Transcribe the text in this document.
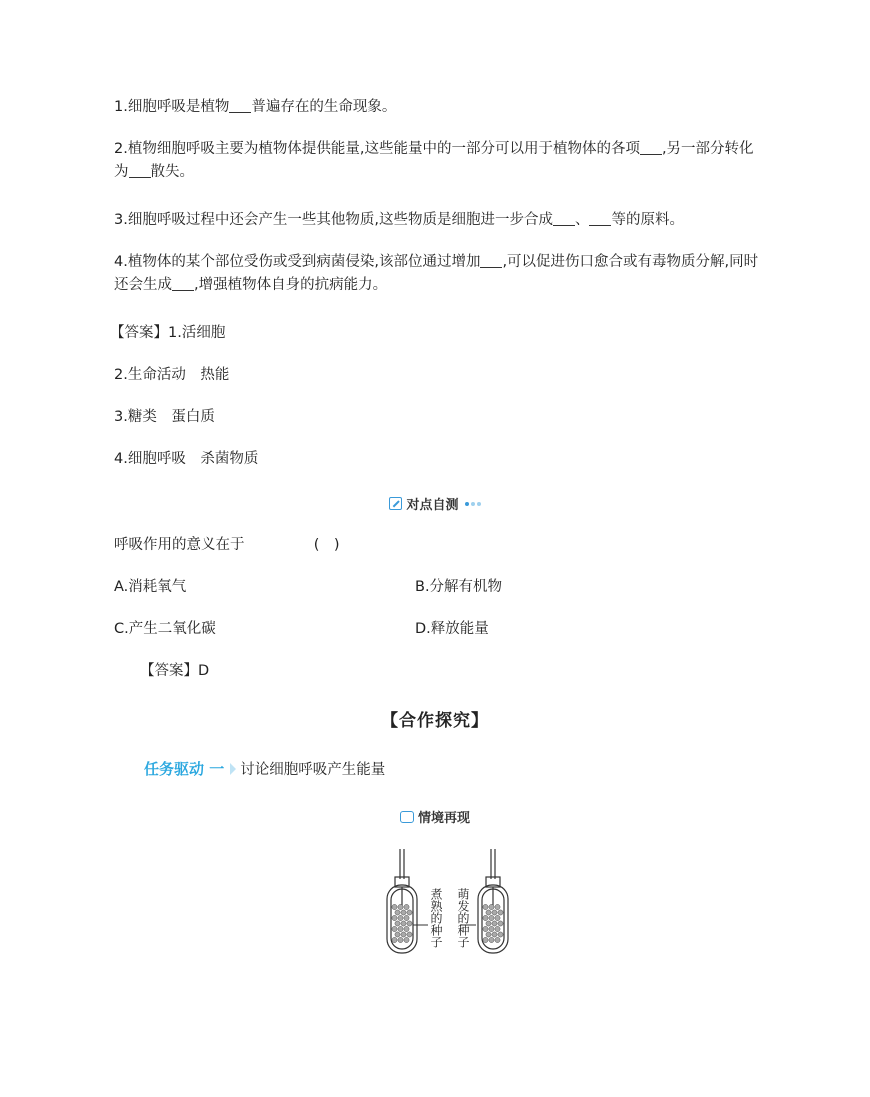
1.细胞呼吸是植物 普遍存在的生命现象。
2.植物细胞呼吸主要为植物体提供能量,这些能量中的一部分可以用于植物体的各项 ,另一部分转化为 散失。
3.细胞呼吸过程中还会产生一些其他物质,这些物质是细胞进一步合成 、 等的原料。
4.植物体的某个部位受伤或受到病菌侵染,该部位通过增加 ,可以促进伤口愈合或有毒物质分解,同时还会生成 ,增强植物体自身的抗病能力。
【答案】1.活细胞
2.生命活动　热能
3.糖类　蛋白质
4.细胞呼吸　杀菌物质
对点自测
呼吸作用的意义在于	(　)
A.消耗氧气	B.分解有机物
C.产生二氧化碳	D.释放能量
【答案】D
【合作探究】
任务驱动 一 讨论细胞呼吸产生能量
情境再现
煮熟的种子 萌发的种子
